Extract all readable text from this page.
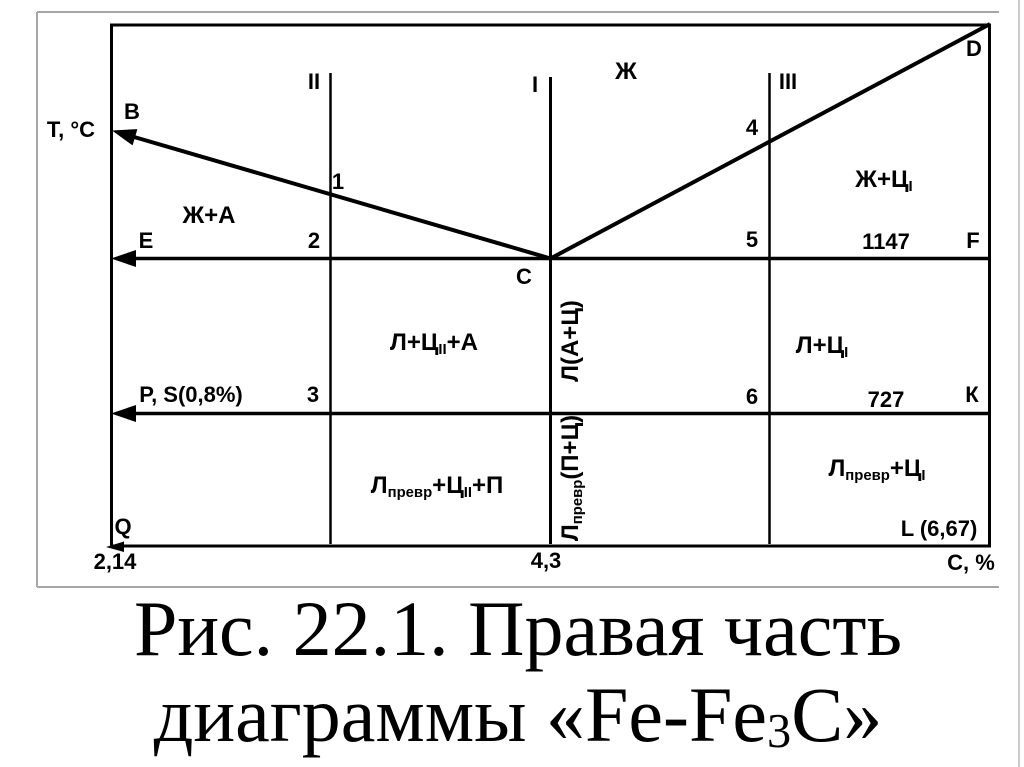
Т, °С
С, %
2,14	4,3
B
D
E
C
F
P, S(0,8%)	К
Q	L (6,67)
1147
727
II	I	III
1
2
3
4
5
6
Ж
Ж+А
$Ж+Ц_I$
$Л+Ц_{II}+А$	Л(А+Ц)	$Л+Ц_I$
$Л_{превр}+Ц_{II}+П$
$Л_{превр}(П+Ц)$	$Л_{превр}+Ц_I$
Рис. 22.1. Правая часть
диаграммы «$Fe-Fe_3C$»
